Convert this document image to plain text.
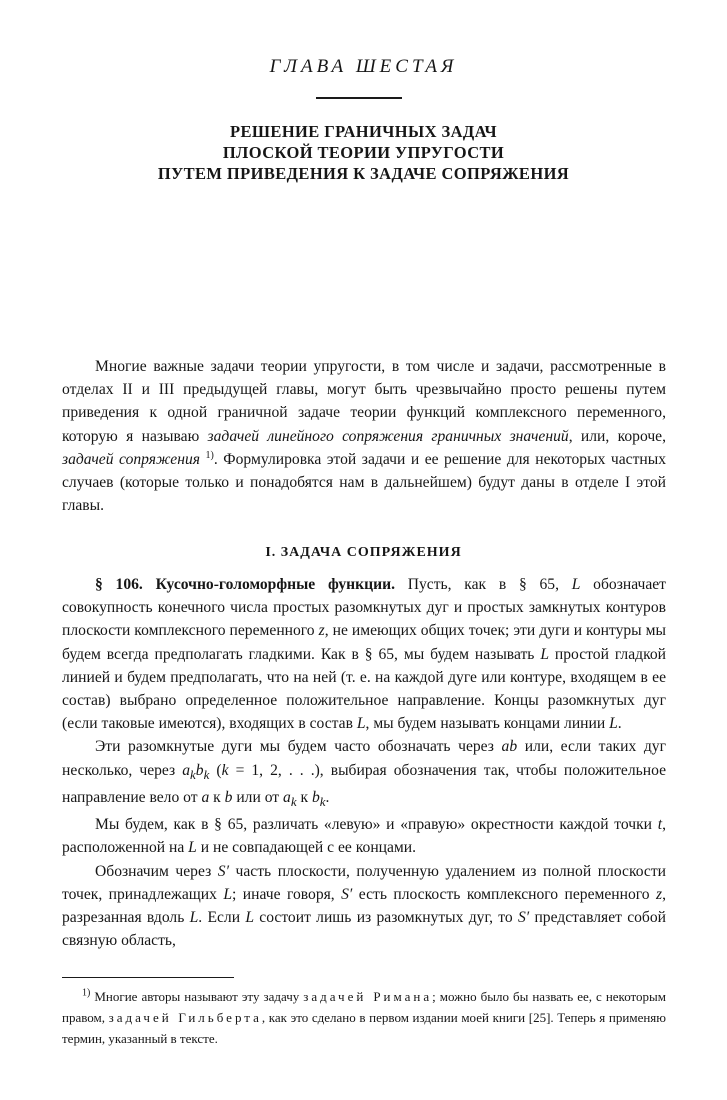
ГЛАВА ШЕСТАЯ
РЕШЕНИЕ ГРАНИЧНЫХ ЗАДАЧ
ПЛОСКОЙ ТЕОРИИ УПРУГОСТИ
ПУТЕМ ПРИВЕДЕНИЯ К ЗАДАЧЕ СОПРЯЖЕНИЯ

Многие важные задачи теории упругости, в том числе и задачи, рассмотренные в отделах II и III предыдущей главы, могут быть чрезвычайно просто решены путем приведения к одной граничной задаче теории функций комплексного переменного, которую я называю задачей линейного сопряжения граничных значений, или, короче, задачей сопряжения $^{1)}$. Формулировка этой задачи и ее решение для некоторых частных случаев (которые только и понадобятся нам в дальнейшем) будут даны в отделе I этой главы.

I. ЗАДАЧА СОПРЯЖЕНИЯ

§ 106. Кусочно-голоморфные функции. Пусть, как в § 65, L обозначает совокупность конечного числа простых разомкнутых дуг и простых замкнутых контуров плоскости комплексного переменного z, не имеющих общих точек; эти дуги и контуры мы будем всегда предполагать гладкими. Как в § 65, мы будем называть L простой гладкой линией и будем предполагать, что на ней (т. е. на каждой дуге или контуре, входящем в ее состав) выбрано определенное положительное направление. Концы разомкнутых дуг (если таковые имеются), входящих в состав L, мы будем называть концами линии L.

Эти разомкнутые дуги мы будем часто обозначать через ab или, если таких дуг несколько, через $a_kb_k$ (k = 1, 2, . . .), выбирая обозначения так, чтобы положительное направление вело от a к b или от $a_k$ к $b_k$.

Мы будем, как в § 65, различать «левую» и «правую» окрестности каждой точки t, расположенной на L и не совпадающей с ее концами.

Обозначим через S′ часть плоскости, полученную удалением из полной плоскости точек, принадлежащих L; иначе говоря, S′ есть плоскость комплексного переменного z, разрезанная вдоль L. Если L состоит лишь из разомкнутых дуг, то S′ представляет собой связную область,

$^{1)}$ Многие авторы называют эту задачу задачей Римана; можно было бы назвать ее, с некоторым правом, задачей Гильберта, как это сделано в первом издании моей книги [25]. Теперь я применяю термин, указанный в тексте.
